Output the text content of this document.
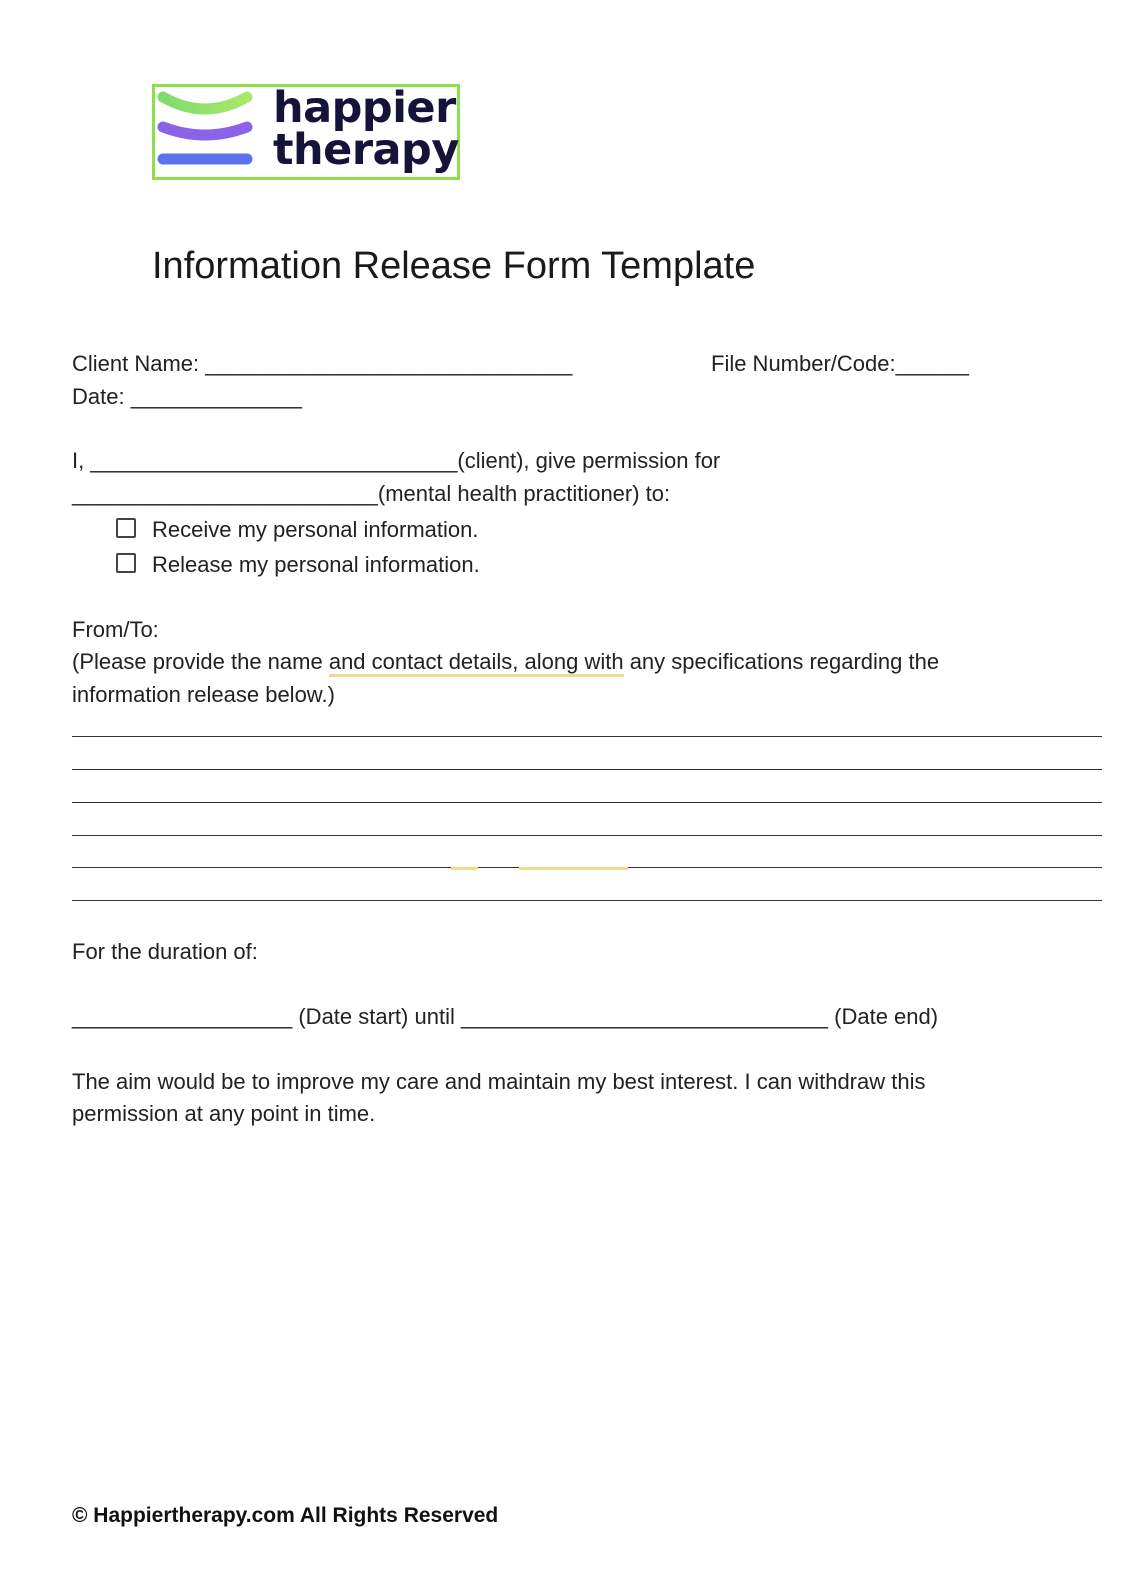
happier
therapy
Information Release Form Template
Client Name: ______________________________	File Number/Code:______
Date: ______________
I, ______________________________(client), give permission for
_________________________(mental health practitioner) to:
Receive my personal information.
Release my personal information.
From/To:
(Please provide the name and contact details, along with any specifications regarding the
information release below.)
For the duration of:
__________________ (Date start) until ______________________________ (Date end)
The aim would be to improve my care and maintain my best interest. I can withdraw this
permission at any point in time.
© Happiertherapy.com All Rights Reserved
